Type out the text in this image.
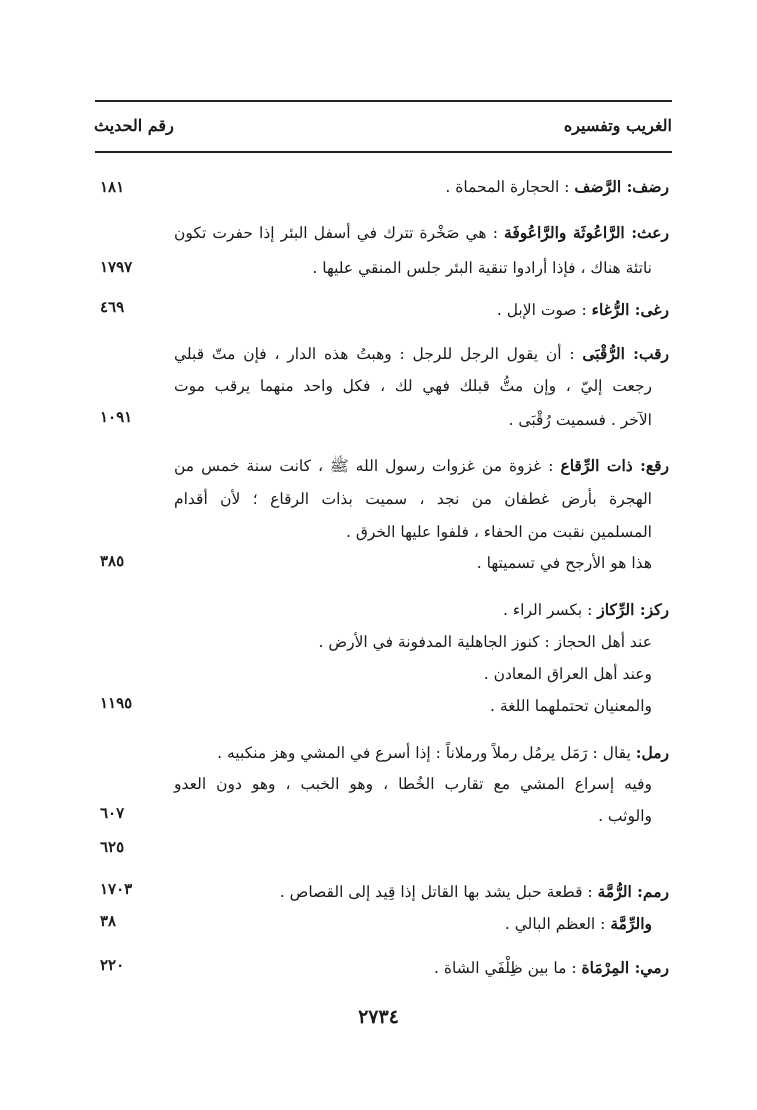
الغريب وتفسيره
رقم الحديث
رضف: الرَّضف : الحجارة المحماة .
١٨١
رعث: الرَّاعُوثَة والرَّاعُوفَة : هي صَخْرة تترك في أسفل البئر إذا حفرت تكون
ناتئة هناك ، فإذا أرادوا تنقية البئر جلس المنقي عليها .
١٧٩٧
رغى: الرُّغاء : صوت الإبل .
٤٦٩
رقب: الرُّقْبَى : أن يقول الرجل للرجل : وهبتُ هذه الدار ، فإن متّ قبلي
رجعت إليّ ، وإن متُّ قبلك فهي لك ، فكل واحد منهما يرقب موت
الآخر . فسميت رُقْبَى .
١٠٩١
رقع: ذات الرِّقاع : غزوة من غزوات رسول الله ﷺ ، كانت سنة خمس من
الهجرة بأرض غطفان من نجد ، سميت بذات الرقاع ؛ لأن أقدام
المسلمين نقبت من الحفاء ، فلفوا عليها الخرق .
هذا هو الأرجح في تسميتها .
٣٨٥
ركز: الرِّكاز : بكسر الراء .
عند أهل الحجاز : كنوز الجاهلية المدفونة في الأرض .
وعند أهل العراق المعادن .
والمعنيان تحتملهما اللغة .
١١٩٥
رمل: يقال : رَمَل يرمُل رملاً ورملاناً : إذا أسرع في المشي وهز منكبيه .
وفيه إسراع المشي مع تقارب الخُطا ، وهو الخبب ، وهو دون العدو
والوثب .
٦٠٧
٦٢٥
رمم: الرُّمَّة : قطعة حبل يشد بها القاتل إذا قِيد إلى القصاص .
١٧٠٣
والرِّمَّة : العظم البالي .
٣٨
رمي: المِرْمَاة : ما بين ظِلْفَي الشاة .
٢٢٠
٢٧٣٤
